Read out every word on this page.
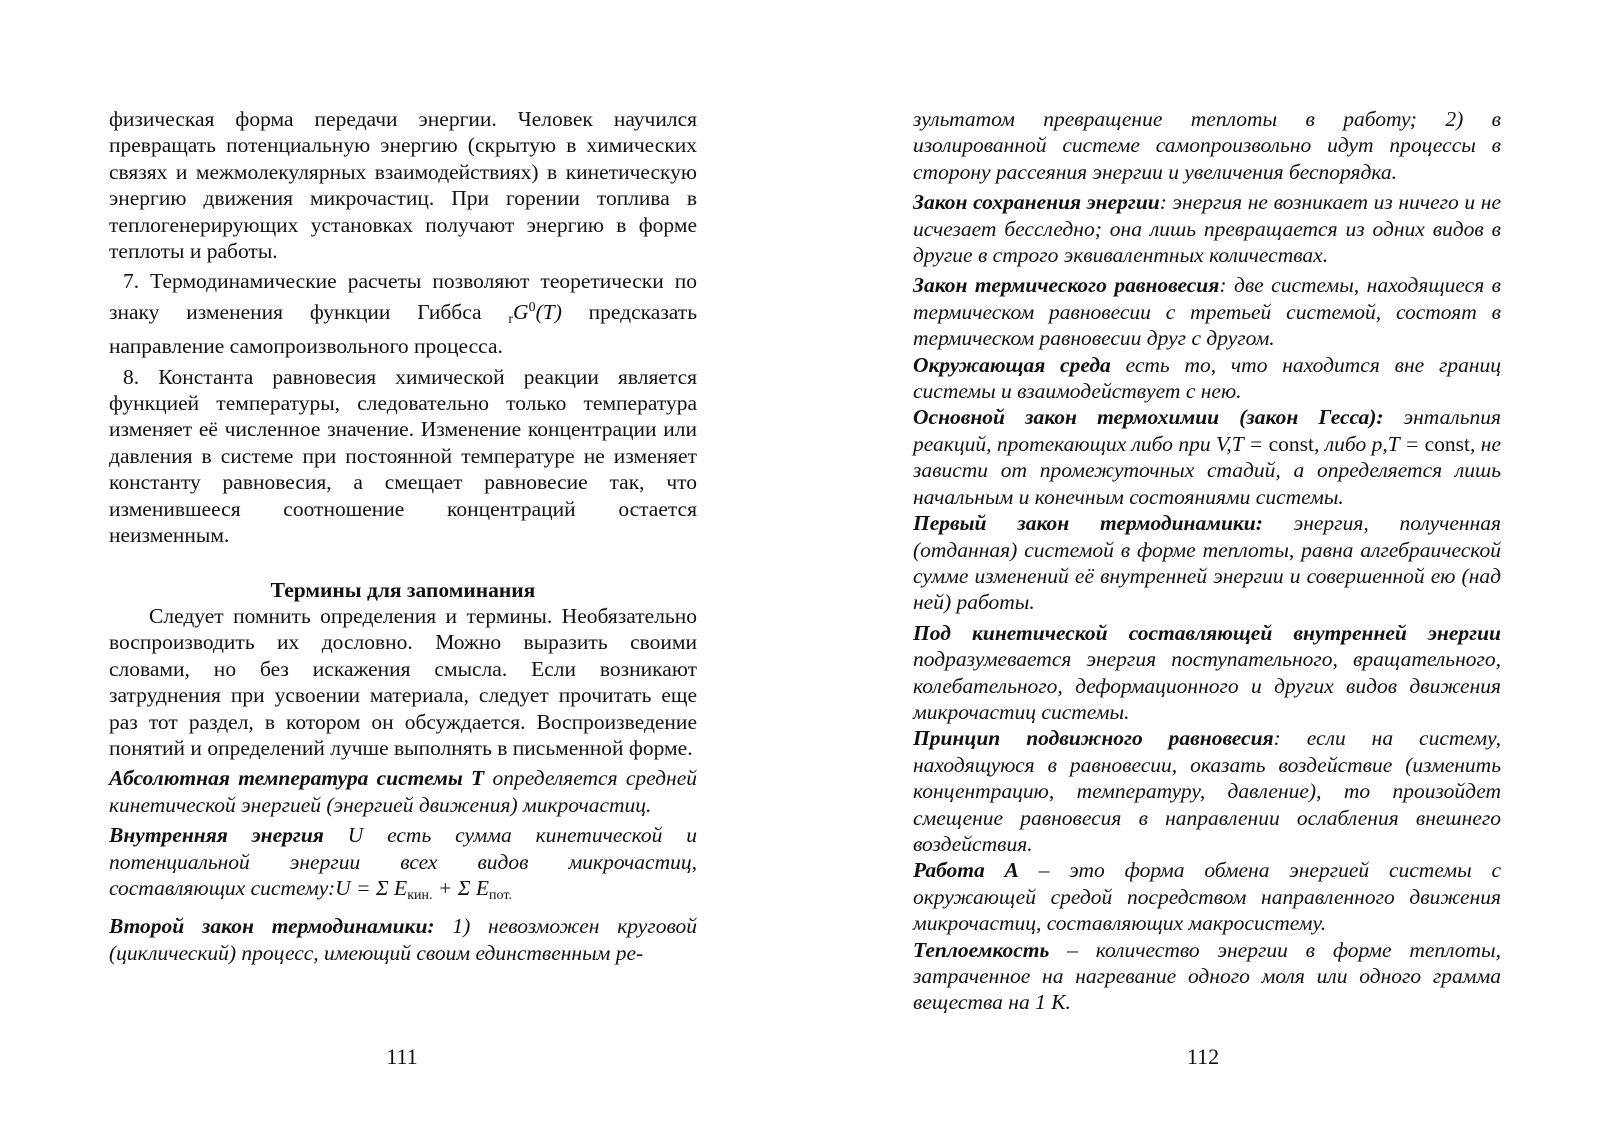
физическая форма передачи энергии. Человек научился превращать потенциальную энергию (скрытую в химических связях и межмолекулярных взаимодействиях) в кинетическую энергию движения микрочастиц. При горении топлива в теплогенерирующих установках получают энергию в форме теплоты и работы.

7. Термодинамические расчеты позволяют теоретически по знаку изменения функции Гиббса $_rG^0(T)$ предсказать направление самопроизвольного процесса.

8. Константа равновесия химической реакции является функцией температуры, следовательно только температура изменяет её численное значение. Изменение концентрации или давления в системе при постоянной температуре не изменяет константу равновесия, а смещает равновесие так, что изменившееся соотношение концентраций остается неизменным.

Термины для запоминания

Следует помнить определения и термины. Необязательно воспроизводить их дословно. Можно выразить своими словами, но без искажения смысла. Если возникают затруднения при усвоении материала, следует прочитать еще раз тот раздел, в котором он обсуждается. Воспроизведение понятий и определений лучше выполнять в письменной форме.

Абсолютная температура системы Т определяется средней кинетической энергией (энергией движения) микрочастиц.

Внутренняя энергия U есть сумма кинетической и потенциальной энергии всех видов микрочастиц, составляющих систему:U = Σ $E_{кин.} + \Sigma$ $E_{пот.}$

Второй закон термодинамики: 1) невозможен круговой (циклический) процесс, имеющий своим единственным ре-

111

зультатом превращение теплоты в работу; 2) в изолированной системе самопроизвольно идут процессы в сторону рассеяния энергии и увеличения беспорядка.

Закон сохранения энергии: энергия не возникает из ничего и не исчезает бесследно; она лишь превращается из одних видов в другие в строго эквивалентных количествах.

Закон термического равновесия: две системы, находящиеся в термическом равновесии с третьей системой, состоят в термическом равновесии друг с другом.

Окружающая среда есть то, что находится вне границ системы и взаимодействует с нею.

Основной закон термохимии (закон Гесса): энтальпия реакций, протекающих либо при V,T = const, либо p,T = const, не зависти от промежуточных стадий, а определяется лишь начальным и конечным состояниями системы.

Первый закон термодинамики: энергия, полученная (отданная) системой в форме теплоты, равна алгебраической сумме изменений её внутренней энергии и совершенной ею (над ней) работы.

Под кинетической составляющей внутренней энергии подразумевается энергия поступательного, вращательного, колебательного, деформационного и других видов движения микрочастиц системы.

Принцип подвижного равновесия: если на систему, находящуюся в равновесии, оказать воздействие (изменить концентрацию, температуру, давление), то произойдет смещение равновесия в направлении ослабления внешнего воздействия.

Работа А – это форма обмена энергией системы с окружающей средой посредством направленного движения микрочастиц, составляющих макросистему.

Теплоемкость – количество энергии в форме теплоты, затраченное на нагревание одного моля или одного грамма вещества на 1 К.

112
